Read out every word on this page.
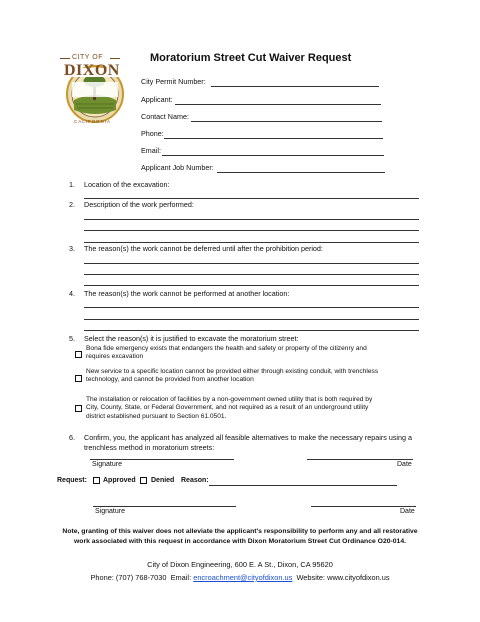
CITY OF
DIXON
CALIFORNIA
Moratorium Street Cut Waiver Request
City Permit Number:
Applicant:
Contact Name:
Phone:
Email:
Applicant Job Number:
1. Location of the excavation:
2. Description of the work performed:
3. The reason(s) the work cannot be deferred until after the prohibition period:
4. The reason(s) the work cannot be performed at another location:
5. Select the reason(s) it is justified to excavate the moratorium street:
Bona fide emergency exists that endangers the health and safety or property of the citizenry and
requires excavation
New service to a specific location cannot be provided either through existing conduit, with trenchless
technology, and cannot be provided from another location
The installation or relocation of facilities by a non-government owned utility that is both required by
City, County, State, or Federal Government, and not required as a result of an underground utility
district established pursuant to Section 61.0501.
6. Confirm, you, the applicant has analyzed all feasible alternatives to make the necessary repairs using a
trenchless method in moratorium streets:
Signature	Date
Request: Approved Denied Reason:
Signature	Date
Note, granting of this waiver does not alleviate the applicant's responsibility to perform any and all restorative
work associated with this request in accordance with Dixon Moratorium Street Cut Ordinance O20-014.
City of Dixon Engineering, 600 E. A St., Dixon, CA 95620
Phone: (707) 768-7030 Email: encroachment@cityofdixon.us Website: www.cityofdixon.us
